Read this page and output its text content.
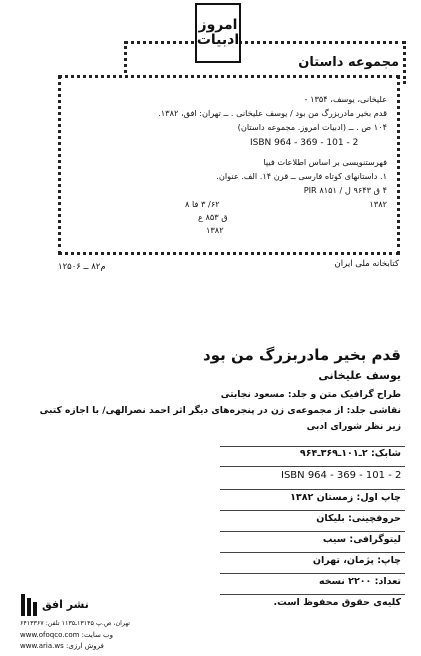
امروز
ادبیات
مجموعه داستان
علیخانی، یوسف، ۱۳۵۴ -
قدم بخیر مادربزرگ من بود / یوسف علیخانی . ــ تهران: افق، ۱۳۸۲.
۱۰۴ ص . ــ (ادبیات امروز. مجموعه داستان)
ISBN 964 - 369 - 101 - 2
فهرستنویسی بر اساس اطلاعات فیپا
۱. داستانهای کوتاه فارسی ــ قرن ۱۴. الف. عنوان.
۴ ق ۹۶۴۳ ل / PIR ۸۱۵۱
۶۲/ ۳ فا ۸	۱۳۸۲
ق ۸۵۳ ع
۱۳۸۲
کتابخانه ملی ایران
م۸۲ ــ ۱۲۵۰۶
قدم بخیر مادربزرگ من بود
یوسف علیخانی
طراح گرافیک متن و جلد: مسعود نجابتی
نقاشی جلد: از مجموعه‌ی زن در پنجره‌های دیگر اثر احمد نصرالهی/ با اجازه کتبی
زیر نظر شورای ادبی
شابک: ۲ـ۱۰۱ـ۳۶۹ـ۹۶۴
ISBN 964 - 369 - 101 - 2
چاپ اول: زمستان ۱۳۸۲
حروفچینی: بلیکان
لیتوگرافی: سیب
چاپ: پژمان، تهران
تعداد: ۲۲۰۰ نسخه
کلیه‌ی حقوق محفوظ است.
نشر افق
تهران، ص.پ ۱۳۱۴۵ـ۱۱۳۵ تلفن: ۶۴۱۳۳۶۷
www.ofoqco.com :وب سایت
www.aria.ws :فروش ارزی
